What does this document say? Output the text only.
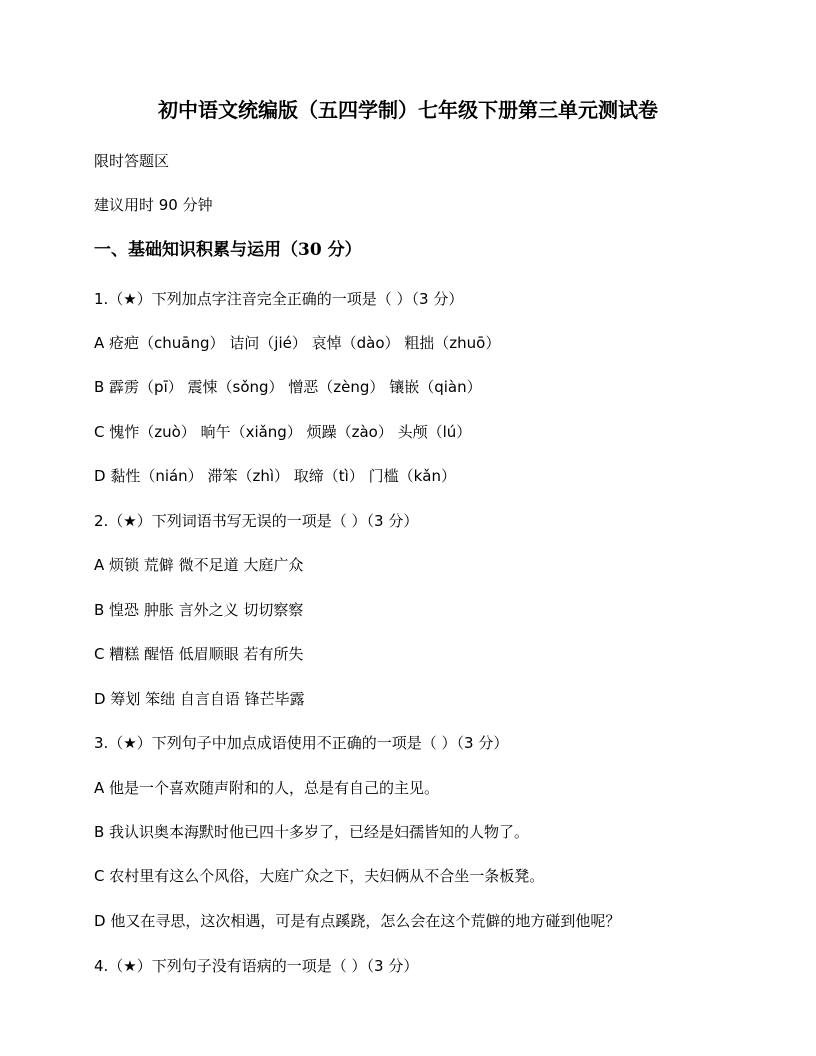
初中语文统编版（五四学制）七年级下册第三单元测试卷
限时答题区
建议用时 90 分钟
一、基础知识积累与运用（30 分）
1.（★）下列加点字注音完全正确的一项是（ ）（3 分）
A 疮疤（chuāng） 诘问（jié） 哀悼（dào） 粗拙（zhuō）
B 霹雳（pī） 震悚（sǒng） 憎恶（zèng） 镶嵌（qiàn）
C 愧怍（zuò） 晌午（xiǎng） 烦躁（zào） 头颅（lú）
D 黏性（nián） 滞笨（zhì） 取缔（tì） 门槛（kǎn）
2.（★）下列词语书写无误的一项是（ ）（3 分）
A 烦锁 荒僻 微不足道 大庭广众
B 惶恐 肿胀 言外之义 切切察察
C 糟糕 醒悟 低眉顺眼 若有所失
D 筹划 笨绌 自言自语 锋芒毕露
3.（★）下列句子中加点成语使用不正确的一项是（ ）（3 分）
A 他是一个喜欢随声附和的人，总是有自己的主见。
B 我认识奥本海默时他已四十多岁了，已经是妇孺皆知的人物了。
C 农村里有这么个风俗，大庭广众之下，夫妇俩从不合坐一条板凳。
D 他又在寻思，这次相遇，可是有点蹊跷，怎么会在这个荒僻的地方碰到他呢？
4.（★）下列句子没有语病的一项是（ ）（3 分）
